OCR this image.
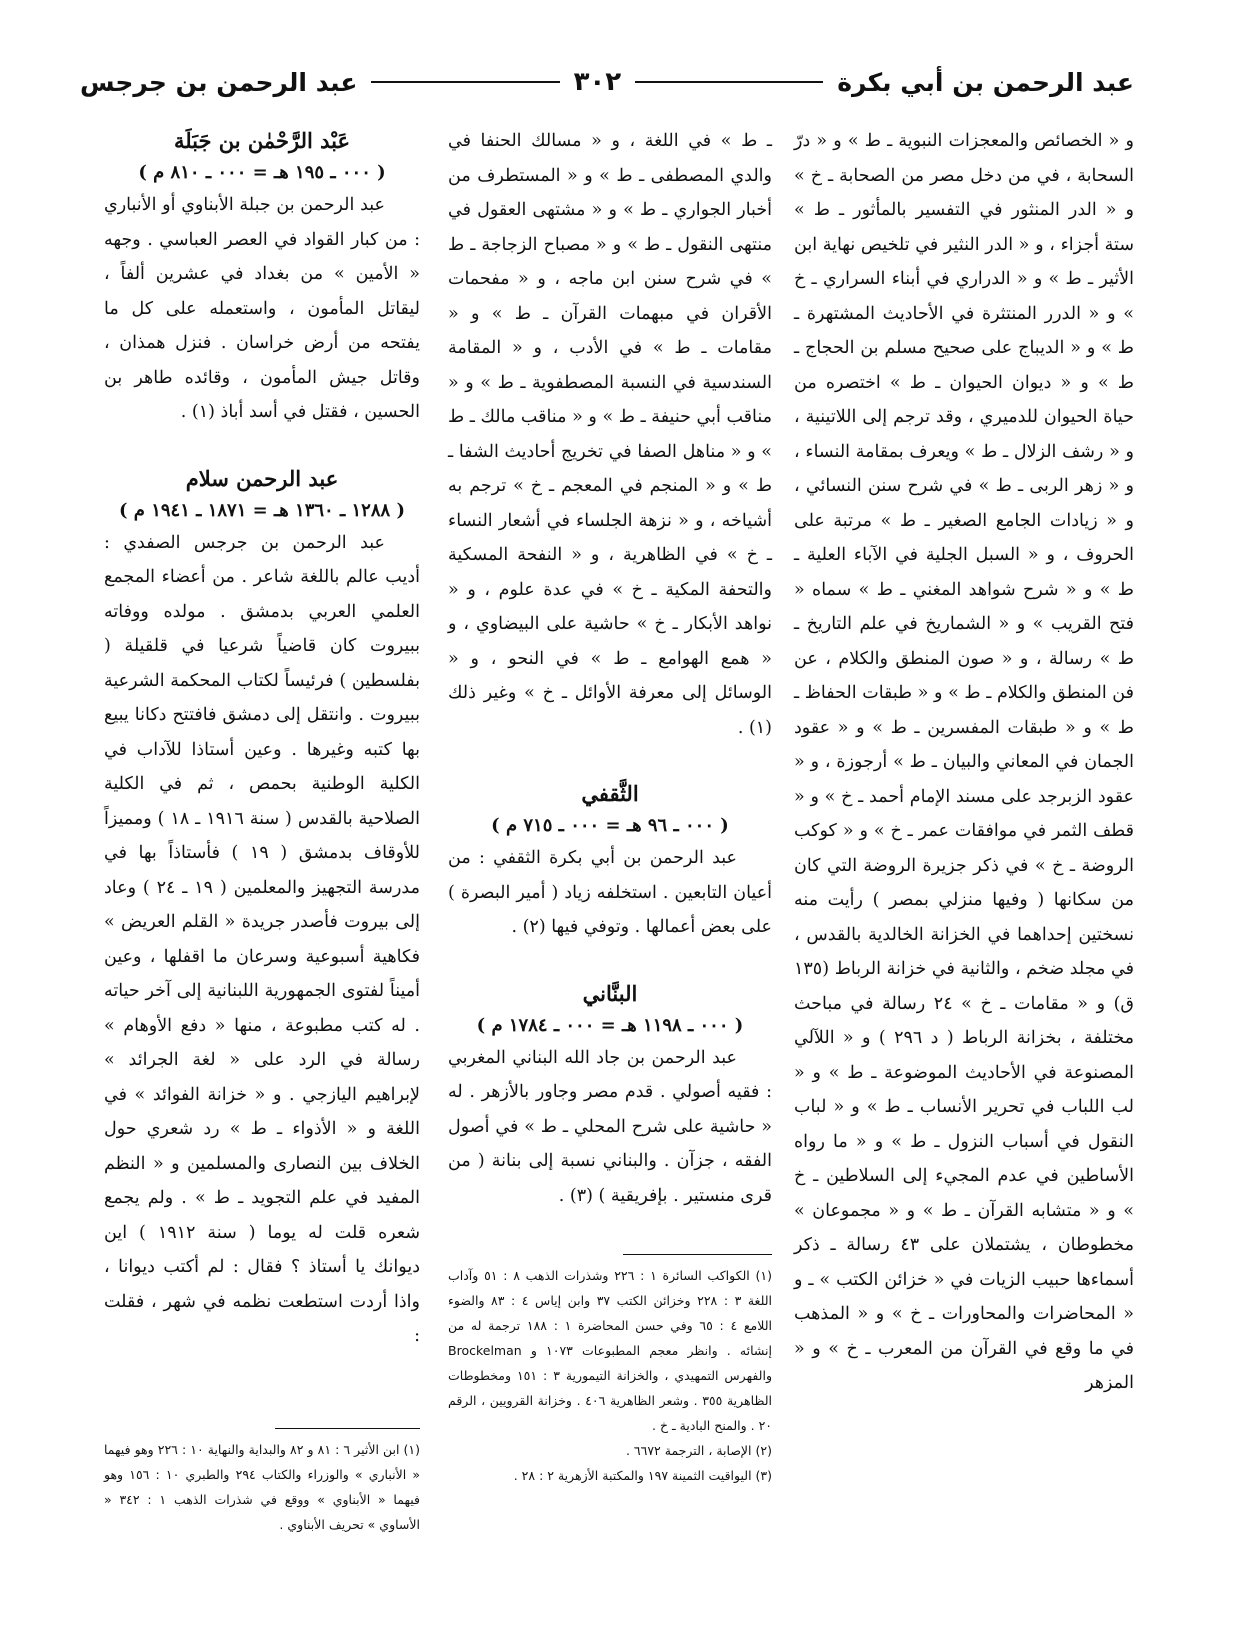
عبد الرحمن بن أبي بكرة
٣٠٢
عبد الرحمن بن جرجس

و « الخصائص والمعجزات النبوية ـ ط » و « درّ السحابة ، في من دخل مصر من الصحابة ـ خ » و « الدر المنثور في التفسير بالمأثور ـ ط » ستة أجزاء ، و « الدر النثير في تلخيص نهاية ابن الأثير ـ ط » و « الدراري في أبناء السراري ـ خ » و « الدرر المنتثرة في الأحاديث المشتهرة ـ ط » و « الديباج على صحيح مسلم بن الحجاج ـ ط » و « ديوان الحيوان ـ ط » اختصره من حياة الحيوان للدميري ، وقد ترجم إلى اللاتينية ، و « رشف الزلال ـ ط » ويعرف بمقامة النساء ، و « زهر الربى ـ ط » في شرح سنن النسائي ، و « زيادات الجامع الصغير ـ ط » مرتبة على الحروف ، و « السبل الجلية في الآباء العلية ـ ط » و « شرح شواهد المغني ـ ط » سماه « فتح القريب » و « الشماريخ في علم التاريخ ـ ط » رسالة ، و « صون المنطق والكلام ، عن فن المنطق والكلام ـ ط » و « طبقات الحفاظ ـ ط » و « طبقات المفسرين ـ ط » و « عقود الجمان في المعاني والبيان ـ ط » أرجوزة ، و « عقود الزبرجد على مسند الإمام أحمد ـ خ » و « قطف الثمر في موافقات عمر ـ خ » و « كوكب الروضة ـ خ » في ذكر جزيرة الروضة التي كان من سكانها ( وفيها منزلي بمصر ) رأيت منه نسختين إحداهما في الخزانة الخالدية بالقدس ، في مجلد ضخم ، والثانية في خزانة الرباط (١٣٥ ق) و « مقامات ـ خ » ٢٤ رسالة في مباحث مختلفة ، بخزانة الرباط ( د ٢٩٦ ) و « اللآلي المصنوعة في الأحاديث الموضوعة ـ ط » و « لب اللباب في تحرير الأنساب ـ ط » و « لباب النقول في أسباب النزول ـ ط » و « ما رواه الأساطين في عدم المجيء إلى السلاطين ـ خ » و « متشابه القرآن ـ ط » و « مجموعان » مخطوطان ، يشتملان على ٤٣ رسالة ـ ذكر أسماءها حبيب الزيات في « خزائن الكتب » ـ و « المحاضرات والمحاورات ـ خ » و « المذهب في ما وقع في القرآن من المعرب ـ خ » و « المزهر

ـ ط » في اللغة ، و « مسالك الحنفا في والدي المصطفى ـ ط » و « المستطرف من أخبار الجواري ـ ط » و « مشتهى العقول في منتهى النقول ـ ط » و « مصباح الزجاجة ـ ط » في شرح سنن ابن ماجه ، و « مفحمات الأقران في مبهمات القرآن ـ ط » و « مقامات ـ ط » في الأدب ، و « المقامة السندسية في النسبة المصطفوية ـ ط » و « مناقب أبي حنيفة ـ ط » و « مناقب مالك ـ ط » و « مناهل الصفا في تخريج أحاديث الشفا ـ ط » و « المنجم في المعجم ـ خ » ترجم به أشياخه ، و « نزهة الجلساء في أشعار النساء ـ خ » في الظاهرية ، و « النفحة المسكية والتحفة المكية ـ خ » في عدة علوم ، و « نواهد الأبكار ـ خ » حاشية على البيضاوي ، و « همع الهوامع ـ ط » في النحو ، و « الوسائل إلى معرفة الأوائل ـ خ » وغير ذلك (١) .

الثَّقفي

( ٠٠٠ ـ ٩٦ هـ = ٠٠٠ ـ ٧١٥ م )

عبد الرحمن بن أبي بكرة الثقفي : من أعيان التابعين . استخلفه زياد ( أمير البصرة ) على بعض أعمالها . وتوفي فيها (٢) .

البنَّاني

( ٠٠٠ ـ ١١٩٨ هـ = ٠٠٠ ـ ١٧٨٤ م )

عبد الرحمن بن جاد الله البناني المغربي : فقيه أصولي . قدم مصر وجاور بالأزهر . له « حاشية على شرح المحلي ـ ط » في أصول الفقه ، جزآن . والبناني نسبة إلى بنانة ( من قرى منستير . بإفريقية ) (٣) .

(١) الكواكب السائرة ١ : ٢٢٦ وشذرات الذهب ٨ : ٥١ وآداب اللغة ٣ : ٢٢٨ وخزائن الكتب ٣٧ وابن إياس ٤ : ٨٣ والضوء اللامع ٤ : ٦٥ وفي حسن المحاضرة ١ : ١٨٨ ترجمة له من إنشائه . وانظر معجم المطبوعات ١٠٧٣ و Brockelman والفهرس التمهيدي ، والخزانة التيمورية ٣ : ١٥١ ومخطوطات الظاهرية ٣٥٥ . وشعر الظاهرية ٤٠٦ . وخزانة القرويين ، الرقم ٢٠ . والمنح البادية ـ خ .

(٢) الإصابة ، الترجمة ٦٦٧٢ .

(٣) اليواقيت الثمينة ١٩٧ والمكتبة الأزهرية ٢ : ٢٨ .

عَبْد الرَّحْمٰن بن جَبَلَة

( ٠٠٠ ـ ١٩٥ هـ = ٠٠٠ ـ ٨١٠ م )

عبد الرحمن بن جبلة الأبناوي أو الأنباري : من كبار القواد في العصر العباسي . وجهه « الأمين » من بغداد في عشرين ألفاً ، ليقاتل المأمون ، واستعمله على كل ما يفتحه من أرض خراسان . فنزل همذان ، وقاتل جيش المأمون ، وقائده طاهر بن الحسين ، فقتل في أسد أباذ (١) .

عبد الرحمن سلام

( ١٢٨٨ ـ ١٣٦٠ هـ = ١٨٧١ ـ ١٩٤١ م )

عبد الرحمن بن جرجس الصفدي : أديب عالم باللغة شاعر . من أعضاء المجمع العلمي العربي بدمشق . مولده ووفاته ببيروت كان قاضياً شرعيا في قلقيلة ( بفلسطين ) فرئيساً لكتاب المحكمة الشرعية ببيروت . وانتقل إلى دمشق فافتتح دكانا يبيع بها كتبه وغيرها . وعين أستاذا للآداب في الكلية الوطنية بحمص ، ثم في الكلية الصلاحية بالقدس ( سنة ١٩١٦ ـ ١٨ ) ومميزاً للأوقاف بدمشق ( ١٩ ) فأستاذاً بها في مدرسة التجهيز والمعلمين ( ١٩ ـ ٢٤ ) وعاد إلى بيروت فأصدر جريدة « القلم العريض » فكاهية أسبوعية وسرعان ما اقفلها ، وعين أميناً لفتوى الجمهورية اللبنانية إلى آخر حياته . له كتب مطبوعة ، منها « دفع الأوهام » رسالة في الرد على « لغة الجرائد » لإبراهيم اليازجي . و « خزانة الفوائد » في اللغة و « الأذواء ـ ط » رد شعري حول الخلاف بين النصارى والمسلمين و « النظم المفيد في علم التجويد ـ ط » . ولم يجمع شعره قلت له يوما ( سنة ١٩١٢ ) اين ديوانك يا أستاذ ؟ فقال : لم أكتب ديوانا ، واذا أردت استطعت نظمه في شهر ، فقلت :

(١) ابن الأثير ٦ : ٨١ و ٨٢ والبداية والنهاية ١٠ : ٢٢٦ وهو فيهما « الأنباري » والوزراء والكتاب ٢٩٤ والطبري ١٠ : ١٥٦ وهو فيهما « الأبناوي » ووقع في شذرات الذهب ١ : ٣٤٢ « الأساوي » تحريف الأبناوي .
